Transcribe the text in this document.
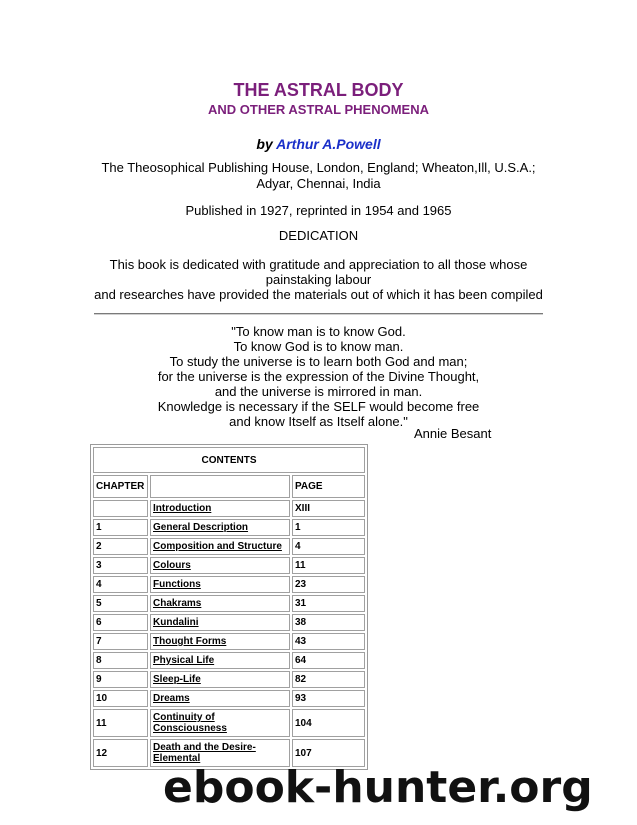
THE ASTRAL BODY
AND OTHER ASTRAL PHENOMENA
by Arthur A.Powell
The Theosophical Publishing House, London, England; Wheaton,Ill, U.S.A.;
Adyar, Chennai, India
Published in 1927, reprinted in 1954 and 1965
DEDICATION
This book is dedicated with gratitude and appreciation to all those whose
painstaking labour
and researches have provided the materials out of which it has been compiled
"To know man is to know God.
To know God is to know man.
To study the universe is to learn both God and man;
for the universe is the expression of the Divine Thought,
and the universe is mirrored in man.
Knowledge is necessary if the SELF would become free
and know Itself as Itself alone."
Annie Besant
CONTENTS		
CHAPTER		PAGE
	Introduction	XIII
1	General Description	1
2	Composition and Structure	4
3	Colours	11
4	Functions	23
5	Chakrams	31
6	Kundalini	38
7	Thought Forms	43
8	Physical Life	64
9	Sleep-Life	82
10	Dreams	93
11	Continuity of Consciousness	104
12	Death and the Desire-Elemental	107
ebook-hunter.org
